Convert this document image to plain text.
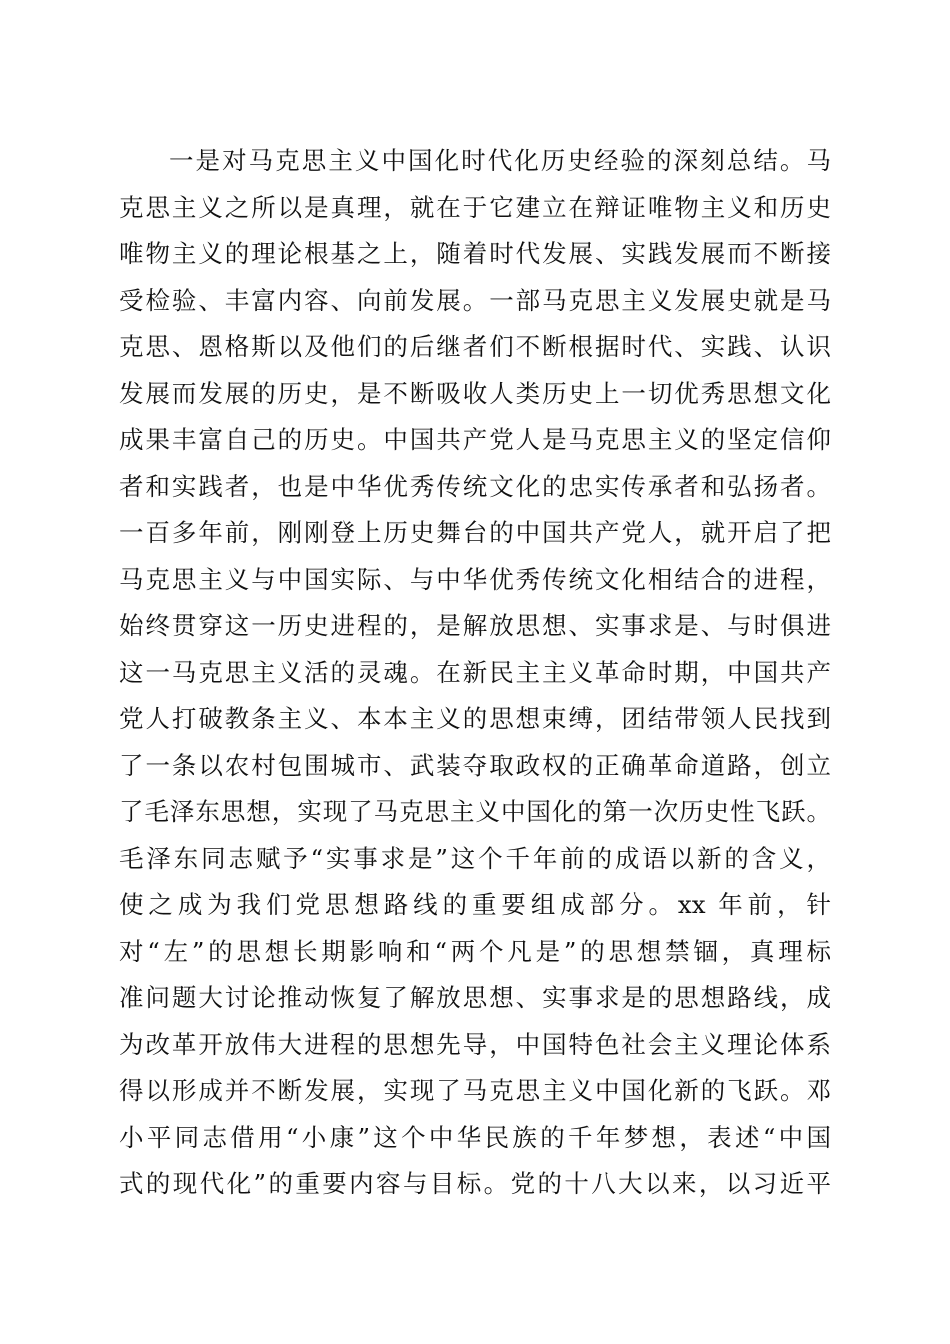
一是对马克思主义中国化时代化历史经验的深刻总结。马
克思主义之所以是真理，就在于它建立在辩证唯物主义和历史
唯物主义的理论根基之上，随着时代发展、实践发展而不断接
受检验、丰富内容、向前发展。一部马克思主义发展史就是马
克思、恩格斯以及他们的后继者们不断根据时代、实践、认识
发展而发展的历史，是不断吸收人类历史上一切优秀思想文化
成果丰富自己的历史。中国共产党人是马克思主义的坚定信仰
者和实践者，也是中华优秀传统文化的忠实传承者和弘扬者。
一百多年前，刚刚登上历史舞台的中国共产党人，就开启了把
马克思主义与中国实际、与中华优秀传统文化相结合的进程，
始终贯穿这一历史进程的，是解放思想、实事求是、与时俱进
这一马克思主义活的灵魂。在新民主主义革命时期，中国共产
党人打破教条主义、本本主义的思想束缚，团结带领人民找到
了一条以农村包围城市、武装夺取政权的正确革命道路，创立
了毛泽东思想，实现了马克思主义中国化的第一次历史性飞跃。
毛泽东同志赋予“实事求是”这个千年前的成语以新的含义，
使之成为我们党思想路线的重要组成部分。xx 年前，针
对“左”的思想长期影响和“两个凡是”的思想禁锢，真理标
准问题大讨论推动恢复了解放思想、实事求是的思想路线，成
为改革开放伟大进程的思想先导，中国特色社会主义理论体系
得以形成并不断发展，实现了马克思主义中国化新的飞跃。邓
小平同志借用“小康”这个中华民族的千年梦想，表述“中国
式的现代化”的重要内容与目标。党的十八大以来，以习近平
